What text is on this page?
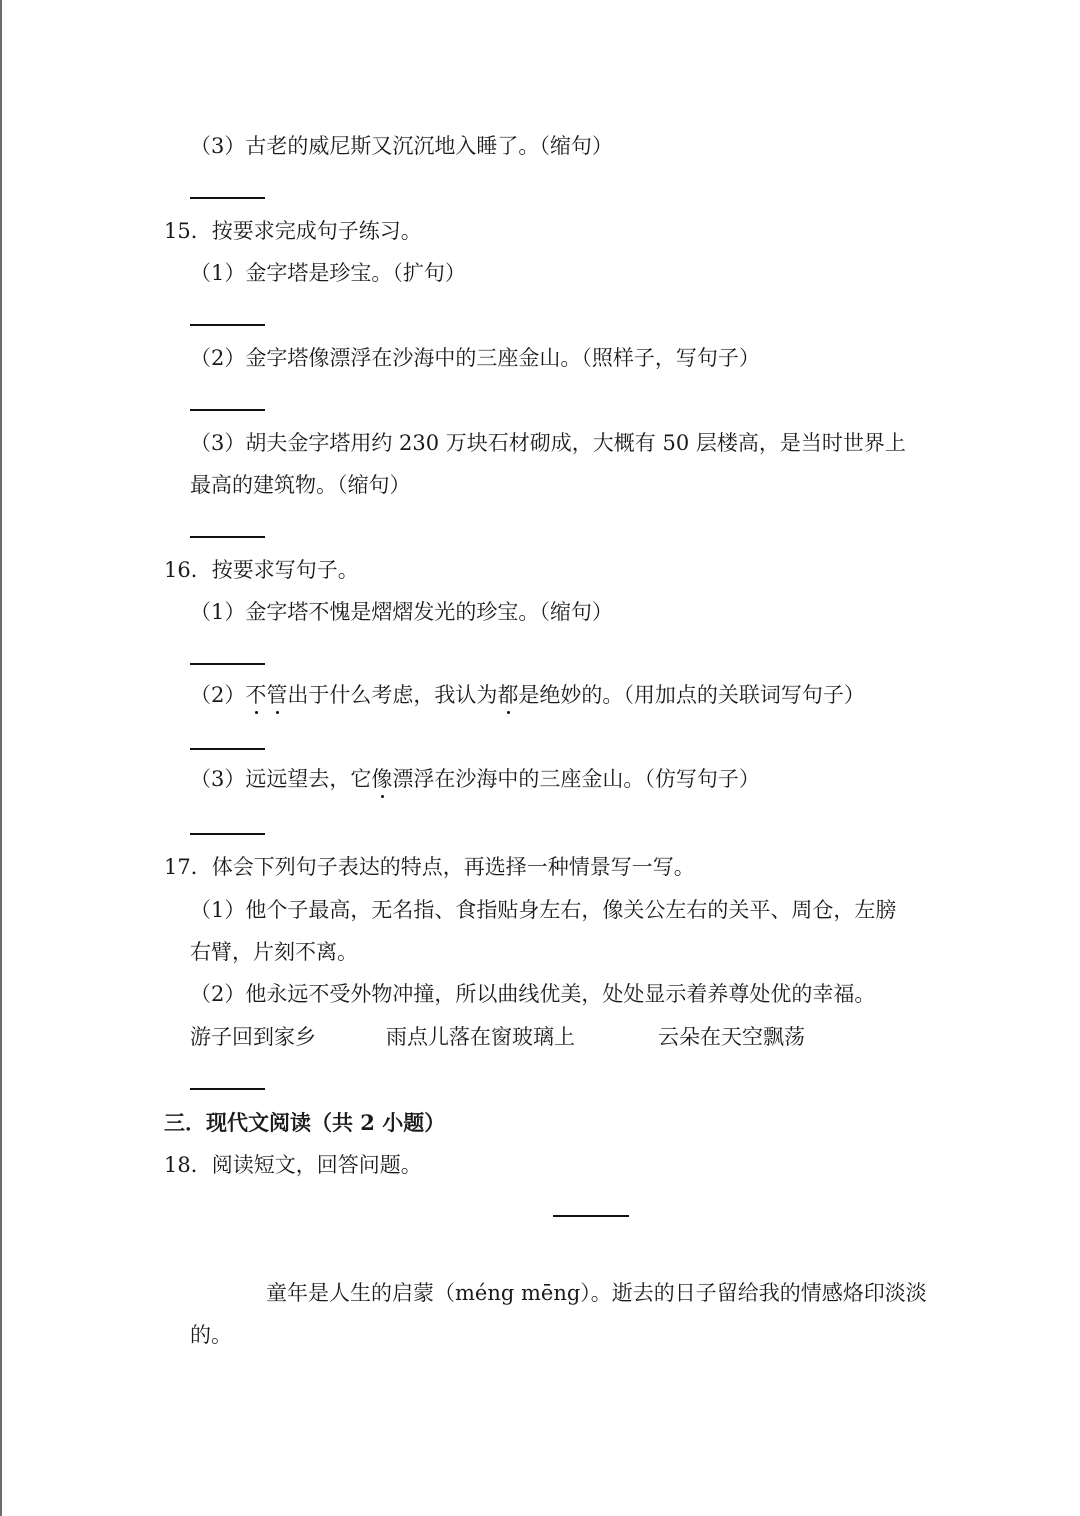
（3）古老的威尼斯又沉沉地入睡了。（缩句）
15．按要求完成句子练习。
（1）金字塔是珍宝。（扩句）
（2）金字塔像漂浮在沙海中的三座金山。（照样子，写句子）
（3）胡夫金字塔用约 230 万块石材砌成，大概有 50 层楼高，是当时世界上
最高的建筑物。（缩句）
16．按要求写句子。
（1）金字塔不愧是熠熠发光的珍宝。（缩句）
（2）不管出于什么考虑，我认为都是绝妙的。（用加点的关联词写句子）
（3）远远望去，它像漂浮在沙海中的三座金山。（仿写句子）
17．体会下列句子表达的特点，再选择一种情景写一写。
（1）他个子最高，无名指、食指贴身左右，像关公左右的关平、周仓，左膀
右臂，片刻不离。
（2）他永远不受外物冲撞，所以曲线优美，处处显示着养尊处优的幸福。
游子回到家乡	雨点儿落在窗玻璃上	云朵在天空飘荡
三．现代文阅读（共 2 小题）
18．阅读短文，回答问题。
童年是人生的启蒙（méng mēng）。逝去的日子留给我的情感烙印淡淡
的。
